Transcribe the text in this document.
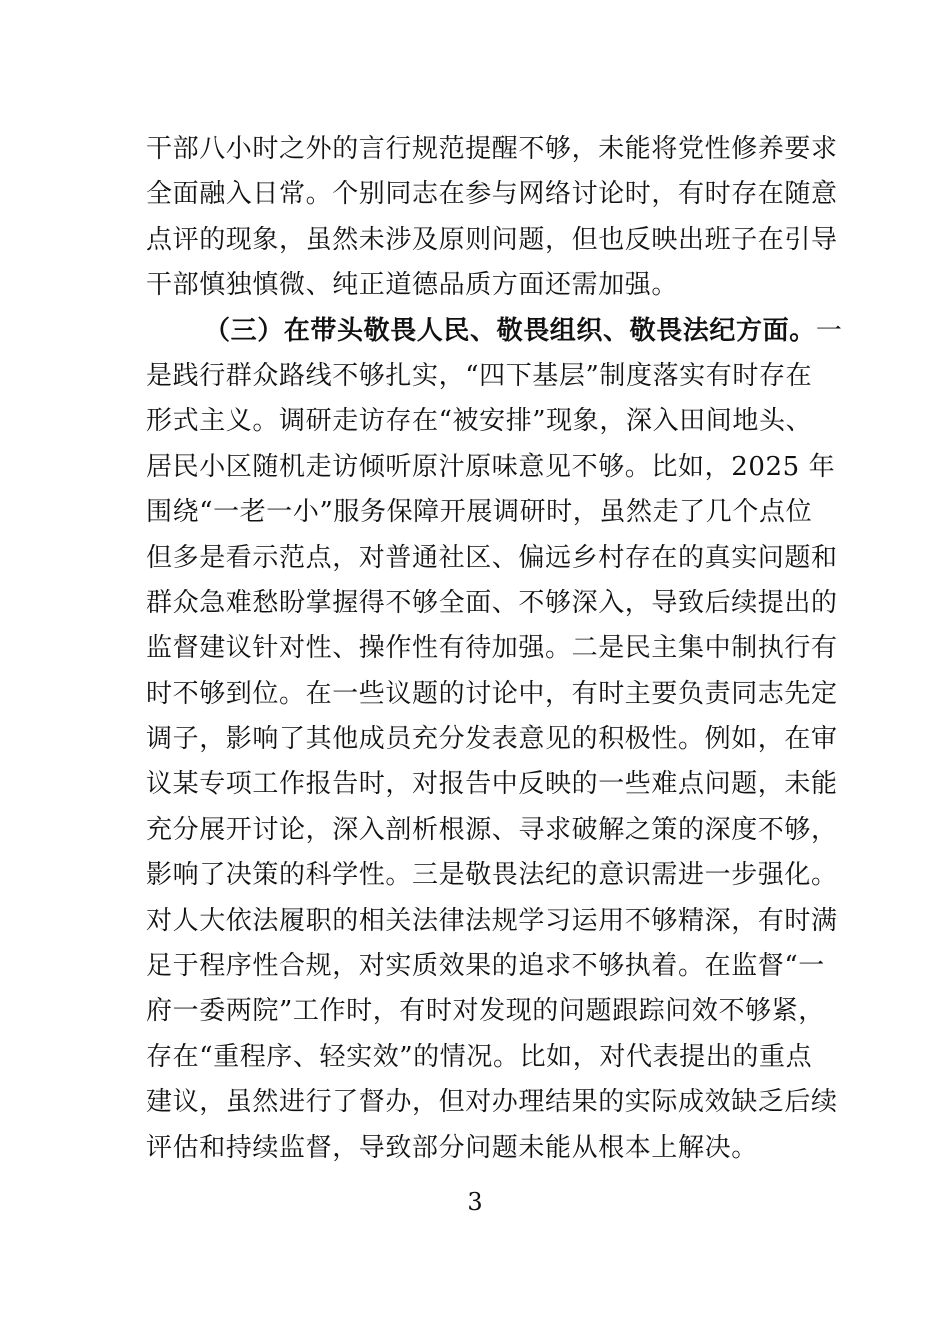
干部八小时之外的言行规范提醒不够，未能将党性修养要求
全面融入日常。个别同志在参与网络讨论时，有时存在随意
点评的现象，虽然未涉及原则问题，但也反映出班子在引导
干部慎独慎微、纯正道德品质方面还需加强。
（三）在带头敬畏人民、敬畏组织、敬畏法纪方面。一
是践行群众路线不够扎实，“四下基层”制度落实有时存在
形式主义。调研走访存在“被安排”现象，深入田间地头、
居民小区随机走访倾听原汁原味意见不够。比如，2025 年
围绕“一老一小”服务保障开展调研时，虽然走了几个点位
但多是看示范点，对普通社区、偏远乡村存在的真实问题和
群众急难愁盼掌握得不够全面、不够深入，导致后续提出的
监督建议针对性、操作性有待加强。二是民主集中制执行有
时不够到位。在一些议题的讨论中，有时主要负责同志先定
调子，影响了其他成员充分发表意见的积极性。例如，在审
议某专项工作报告时，对报告中反映的一些难点问题，未能
充分展开讨论，深入剖析根源、寻求破解之策的深度不够，
影响了决策的科学性。三是敬畏法纪的意识需进一步强化。
对人大依法履职的相关法律法规学习运用不够精深，有时满
足于程序性合规，对实质效果的追求不够执着。在监督“一
府一委两院”工作时，有时对发现的问题跟踪问效不够紧，
存在“重程序、轻实效”的情况。比如，对代表提出的重点
建议，虽然进行了督办，但对办理结果的实际成效缺乏后续
评估和持续监督，导致部分问题未能从根本上解决。
3
